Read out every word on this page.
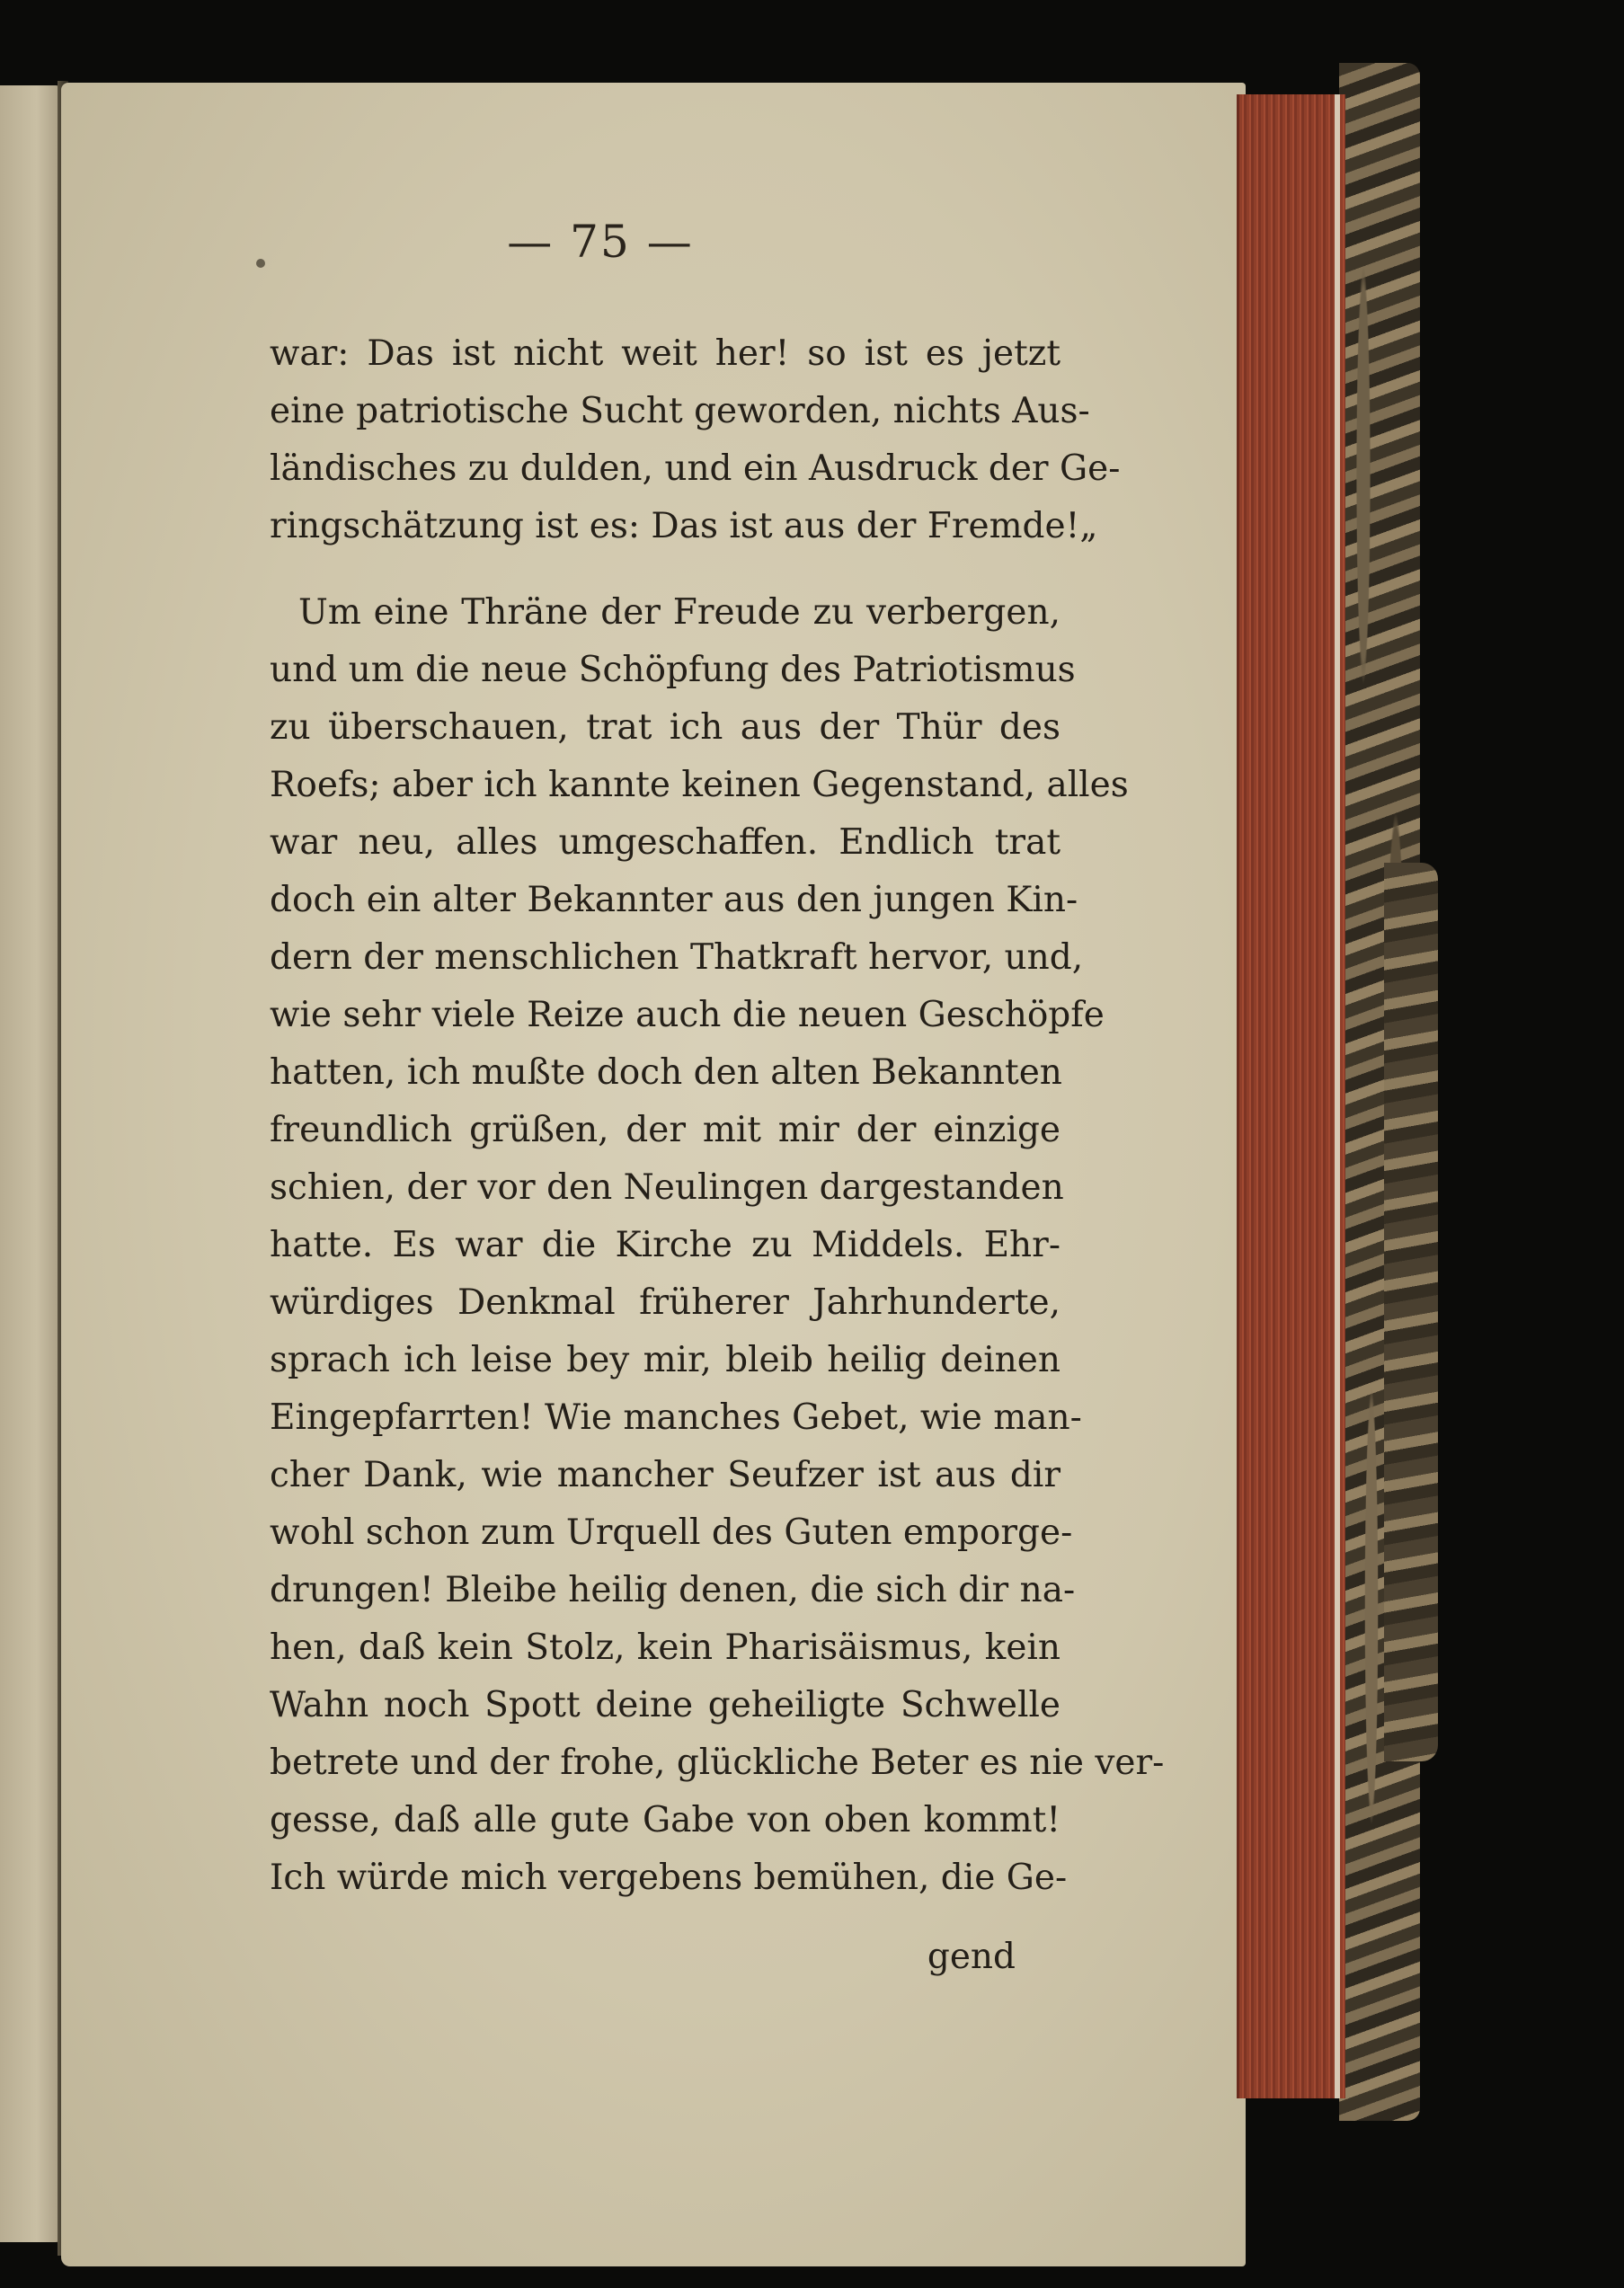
— 75 —
war: Das ist nicht weit her! so ist es jetzt
eine patriotische Sucht geworden, nichts Aus-
ländisches zu dulden, und ein Ausdruck der Ge-
ringschätzung ist es: Das ist aus der Fremde!„
Um eine Thräne der Freude zu verbergen,
und um die neue Schöpfung des Patriotismus
zu überschauen, trat ich aus der Thür des
Roefs; aber ich kannte keinen Gegenstand, alles
war neu, alles umgeschaffen. Endlich trat
doch ein alter Bekannter aus den jungen Kin-
dern der menschlichen Thatkraft hervor, und,
wie sehr viele Reize auch die neuen Geschöpfe
hatten, ich mußte doch den alten Bekannten
freundlich grüßen, der mit mir der einzige
schien, der vor den Neulingen dargestanden
hatte. Es war die Kirche zu Middels. Ehr-
würdiges Denkmal früherer Jahrhunderte,
sprach ich leise bey mir, bleib heilig deinen
Eingepfarrten! Wie manches Gebet, wie man-
cher Dank, wie mancher Seufzer ist aus dir
wohl schon zum Urquell des Guten emporge-
drungen! Bleibe heilig denen, die sich dir na-
hen, daß kein Stolz, kein Pharisäismus, kein
Wahn noch Spott deine geheiligte Schwelle
betrete und der frohe, glückliche Beter es nie ver-
gesse, daß alle gute Gabe von oben kommt!
Ich würde mich vergebens bemühen, die Ge-
gend
